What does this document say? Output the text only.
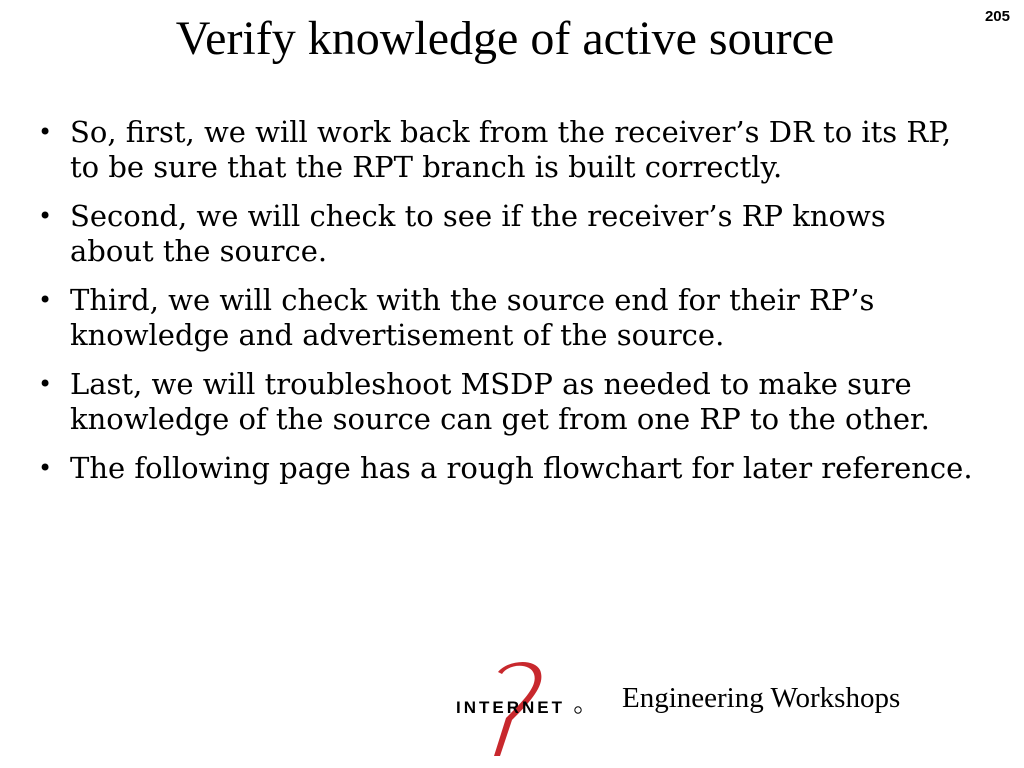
205
Verify knowledge of active source
• So, first, we will work back from the receiver’s DR to its RP, to be sure that the RPT branch is built correctly.
• Second, we will check to see if the receiver’s RP knows about the source.
• Third, we will check with the source end for their RP’s knowledge and advertisement of the source.
• Last, we will troubleshoot MSDP as needed to make sure knowledge of the source can get from one RP to the other.
• The following page has a rough flowchart for later reference.
INTERNET Engineering Workshops
